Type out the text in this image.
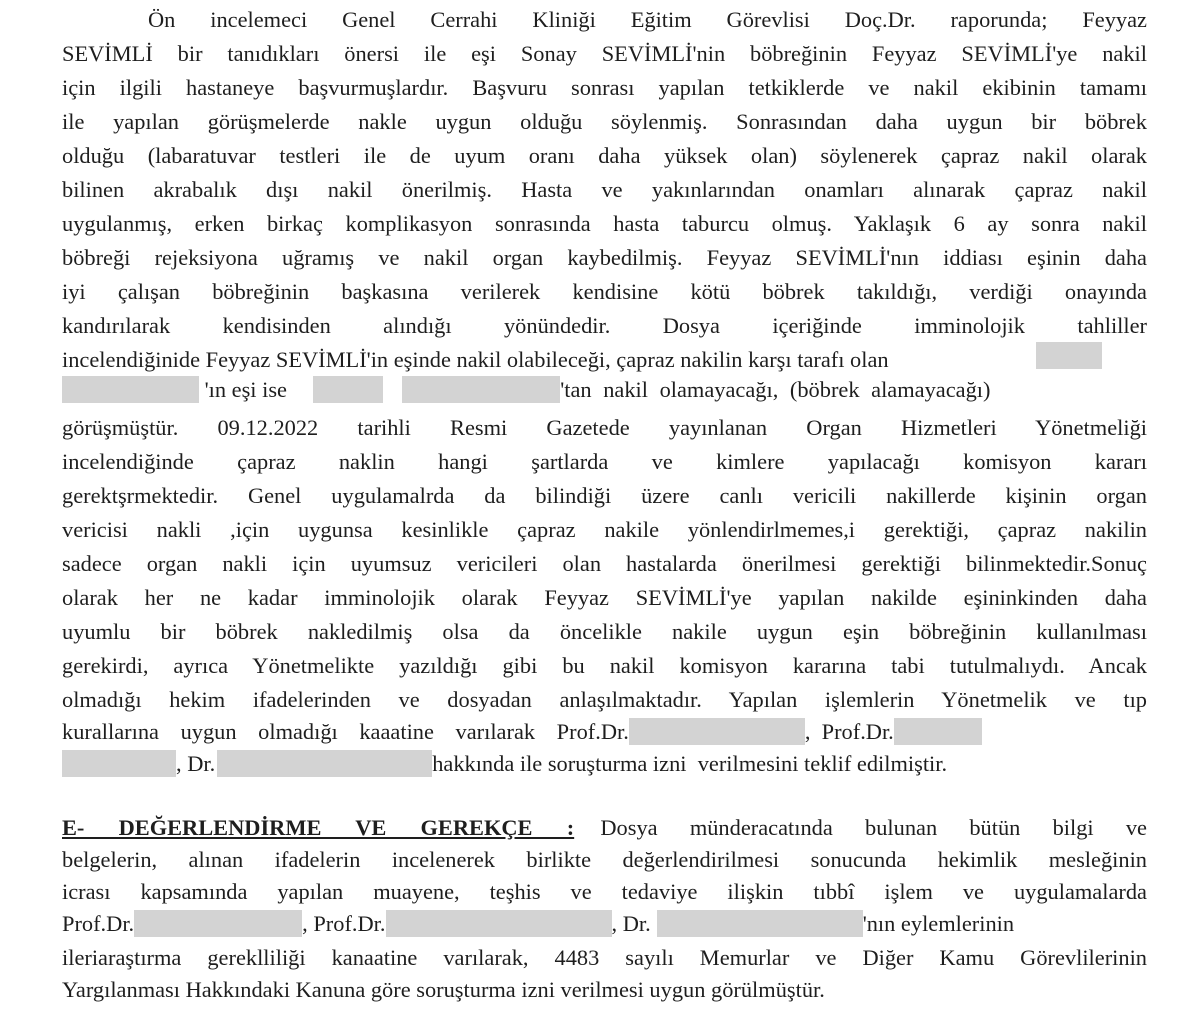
Ön incelemeci Genel Cerrahi Kliniği Eğitim Görevlisi Doç.Dr. raporunda; Feyyaz
SEVİMLİ bir tanıdıkları önersi ile eşi Sonay SEVİMLİ'nin böbreğinin Feyyaz SEVİMLİ'ye nakil
için ilgili hastaneye başvurmuşlardır. Başvuru sonrası yapılan tetkiklerde ve nakil ekibinin tamamı
ile yapılan görüşmelerde nakle uygun olduğu söylenmiş. Sonrasından daha uygun bir böbrek
olduğu (labaratuvar testleri ile de uyum oranı daha yüksek olan) söylenerek çapraz nakil olarak
bilinen akrabalık dışı nakil önerilmiş. Hasta ve yakınlarından onamları alınarak çapraz nakil
uygulanmış, erken birkaç komplikasyon sonrasında hasta taburcu olmuş. Yaklaşık 6 ay sonra nakil
böbreği rejeksiyona uğramış ve nakil organ kaybedilmiş. Feyyaz SEVİMLİ'nın iddiası eşinin daha
iyi çalışan böbreğinin başkasına verilerek kendisine kötü böbrek takıldığı, verdiği onayında
kandırılarak kendisinden alındığı yönündedir. Dosya içeriğinde imminolojik tahliller
incelendiğinide Feyyaz SEVİMLİ'in eşinde nakil olabileceği, çapraz nakilin karşı tarafı olan
'ın eşi ise	'tan nakil olamayacağı, (böbrek alamayacağı)
görüşmüştür. 09.12.2022 tarihli Resmi Gazetede yayınlanan Organ Hizmetleri Yönetmeliği
incelendiğinde çapraz naklin hangi şartlarda ve kimlere yapılacağı komisyon kararı
gerektşrmektedir. Genel uygulamalrda da bilindiği üzere canlı vericili nakillerde kişinin organ
vericisi nakli ,için uygunsa kesinlikle çapraz nakile yönlendirlmemes,i gerektiği, çapraz nakilin
sadece organ nakli için uyumsuz vericileri olan hastalarda önerilmesi gerektiği bilinmektedir.Sonuç
olarak her ne kadar imminolojik olarak Feyyaz SEVİMLİ'ye yapılan nakilde eşininkinden daha
uyumlu bir böbrek nakledilmiş olsa da öncelikle nakile uygun eşin böbreğinin kullanılması
gerekirdi, ayrıca Yönetmelikte yazıldığı gibi bu nakil komisyon kararına tabi tutulmalıydı. Ancak
olmadığı hekim ifadelerinden ve dosyadan anlaşılmaktadır. Yapılan işlemlerin Yönetmelik ve tıp
kurallarına uygun olmadığı kaaatine varılarak Prof.Dr.	,  Prof.Dr.
, Dr.	hakkında ile soruşturma izni  verilmesini teklif edilmiştir.
E- DEĞERLENDİRME VE GEREKÇE : Dosya münderacatında bulunan bütün bilgi ve
belgelerin, alınan ifadelerin incelenerek birlikte değerlendirilmesi sonucunda hekimlik mesleğinin
icrası kapsamında yapılan muayene, teşhis ve tedaviye ilişkin tıbbî işlem ve uygulamalarda
Prof.Dr.	, Prof.Dr.	, Dr.	'nın eylemlerinin
ileriaraştırma gereklliliği kanaatine varılarak, 4483 sayılı Memurlar ve Diğer Kamu Görevlilerinin
Yargılanması Hakkındaki Kanuna göre soruşturma izni verilmesi uygun görülmüştür.
